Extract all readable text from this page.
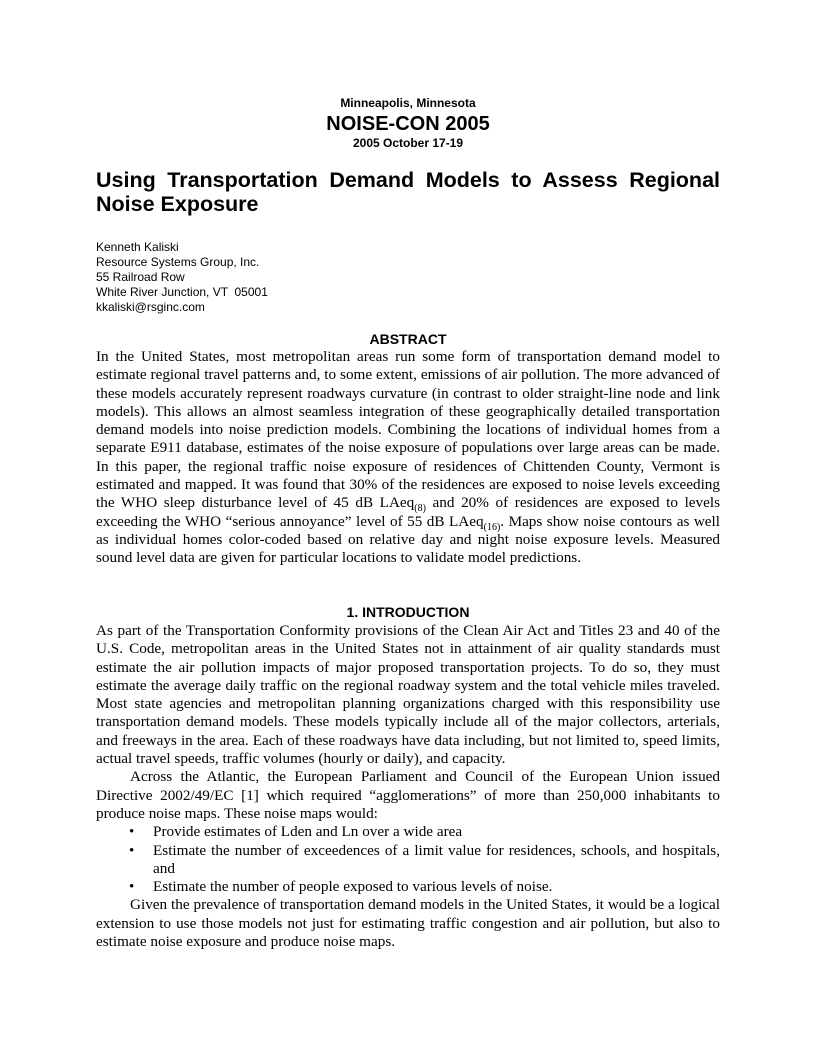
Minneapolis, Minnesota
NOISE-CON 2005
2005 October 17-19
Using Transportation Demand Models to Assess Regional Noise Exposure
Kenneth Kaliski
Resource Systems Group, Inc.
55 Railroad Row
White River Junction, VT  05001
kkaliski@rsginc.com
ABSTRACT

In the United States, most metropolitan areas run some form of transportation demand model to estimate regional travel patterns and, to some extent, emissions of air pollution. The more advanced of these models accurately represent roadways curvature (in contrast to older straight-line node and link models). This allows an almost seamless integration of these geographically detailed transportation demand models into noise prediction models. Combining the locations of individual homes from a separate E911 database, estimates of the noise exposure of populations over large areas can be made. In this paper, the regional traffic noise exposure of residences of Chittenden County, Vermont is estimated and mapped. It was found that 30% of the residences are exposed to noise levels exceeding the WHO sleep disturbance level of 45 dB LAeq$_{(8)}$ and 20% of residences are exposed to levels exceeding the WHO “serious annoyance” level of 55 dB LAeq$_{(16)}$. Maps show noise contours as well as individual homes color-coded based on relative day and night noise exposure levels. Measured sound level data are given for particular locations to validate model predictions.

1. INTRODUCTION

As part of the Transportation Conformity provisions of the Clean Air Act and Titles 23 and 40 of the U.S. Code, metropolitan areas in the United States not in attainment of air quality standards must estimate the air pollution impacts of major proposed transportation projects. To do so, they must estimate the average daily traffic on the regional roadway system and the total vehicle miles traveled. Most state agencies and metropolitan planning organizations charged with this responsibility use transportation demand models. These models typically include all of the major collectors, arterials, and freeways in the area. Each of these roadways have data including, but not limited to, speed limits, actual travel speeds, traffic volumes (hourly or daily), and capacity.

Across the Atlantic, the European Parliament and Council of the European Union issued Directive 2002/49/EC [1] which required “agglomerations” of more than 250,000 inhabitants to produce noise maps. These noise maps would:

• Provide estimates of Lden and Ln over a wide area
• Estimate the number of exceedences of a limit value for residences, schools, and hospitals, and
• Estimate the number of people exposed to various levels of noise.

Given the prevalence of transportation demand models in the United States, it would be a logical extension to use those models not just for estimating traffic congestion and air pollution, but also to estimate noise exposure and produce noise maps.
